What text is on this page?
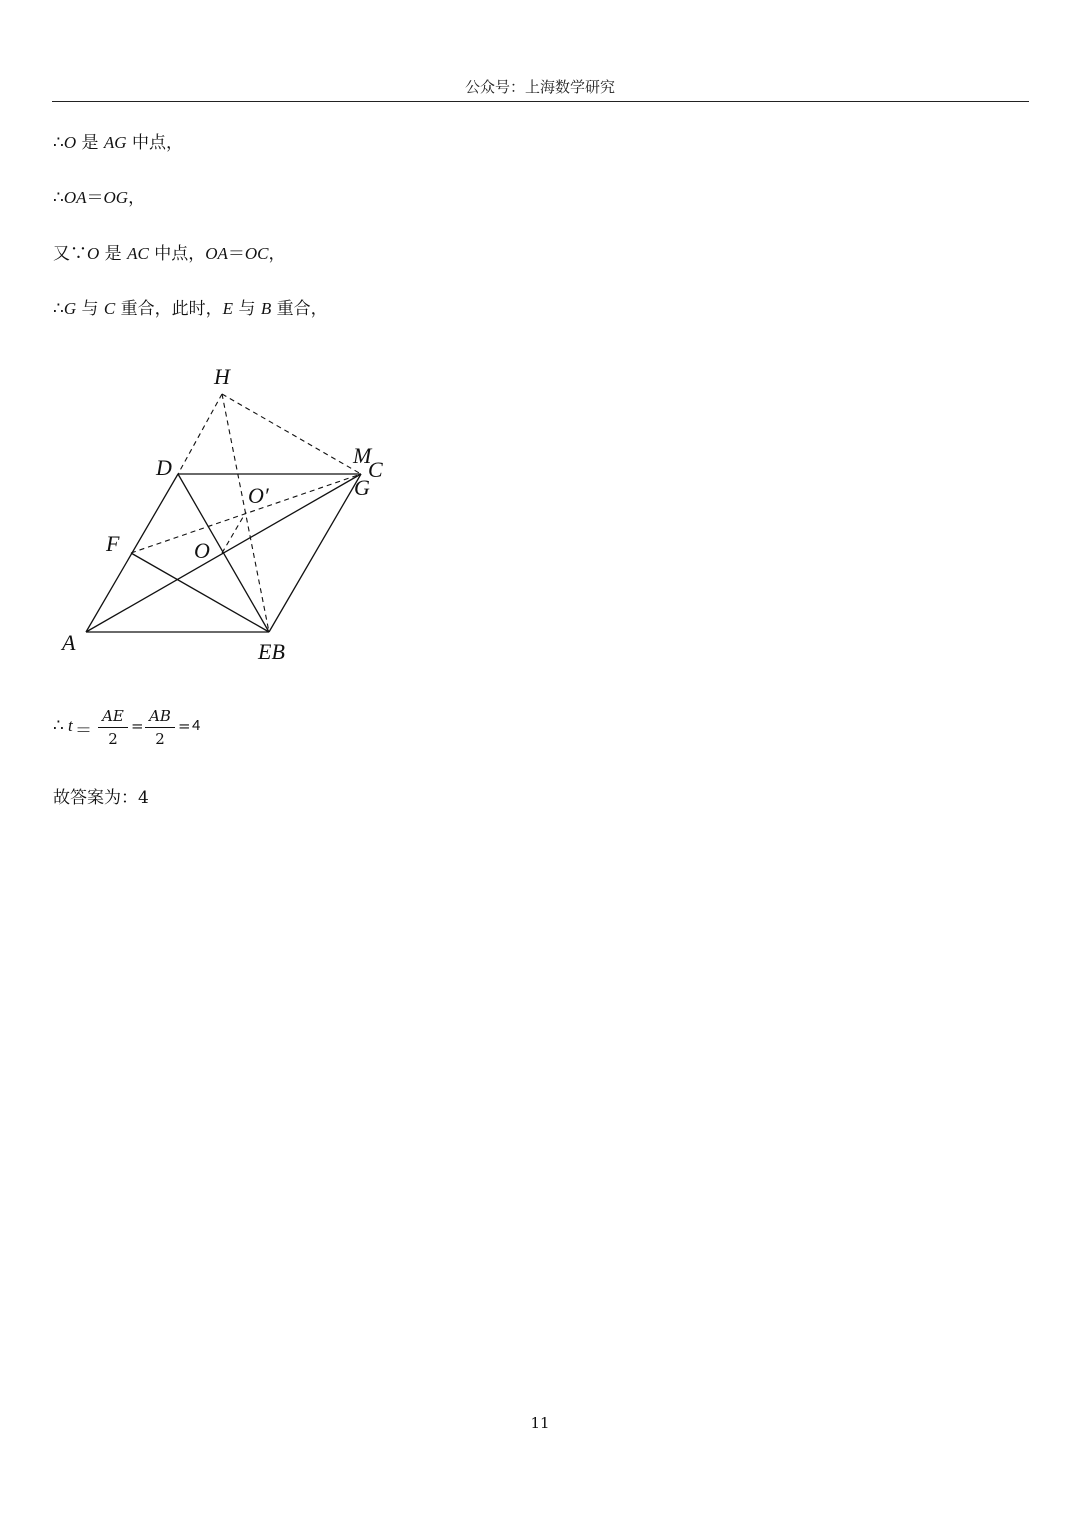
公众号：上海数学研究
∴O 是 AG 中点，
∴OA＝OG，
又∵O 是 AC 中点，OA＝OC，
∴G 与 C 重合，此时，E 与 B 重合，
H
D	M
C
G
O′
F	O
A	EB
∴ t ＝
AE
2
=
AB
2
= 4
故答案为：4
11
